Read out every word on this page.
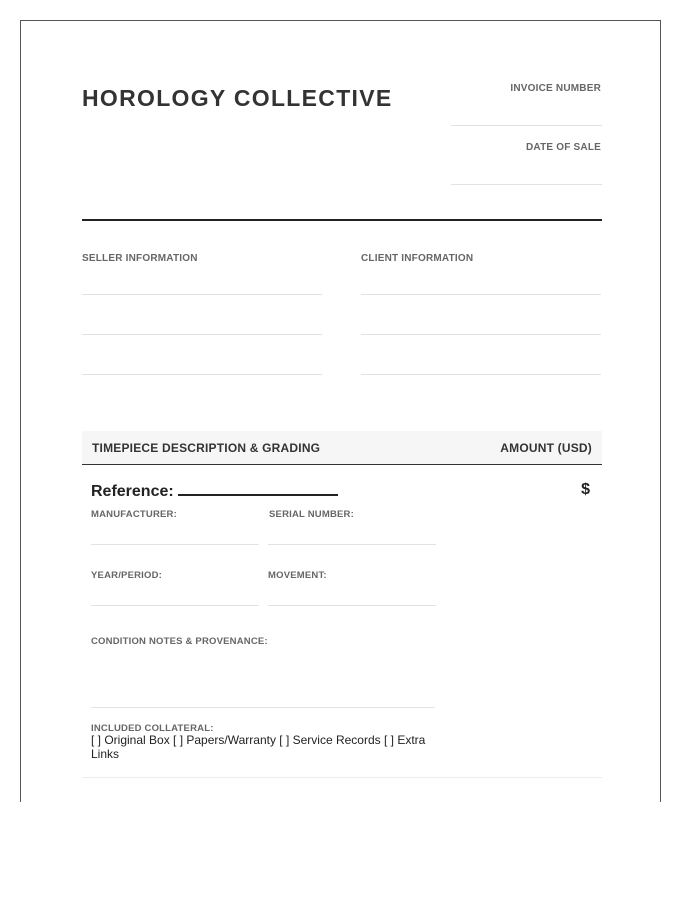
HOROLOGY COLLECTIVE	INVOICE NUMBER
DATE OF SALE
SELLER INFORMATION	CLIENT INFORMATION
TIMEPIECE DESCRIPTION & GRADING	AMOUNT (USD)
Reference:	$
MANUFACTURER:	SERIAL NUMBER:
YEAR/PERIOD:	MOVEMENT:
CONDITION NOTES & PROVENANCE:
INCLUDED COLLATERAL:
[ ] Original Box [ ] Papers/Warranty [ ] Service Records [ ] Extra Links
